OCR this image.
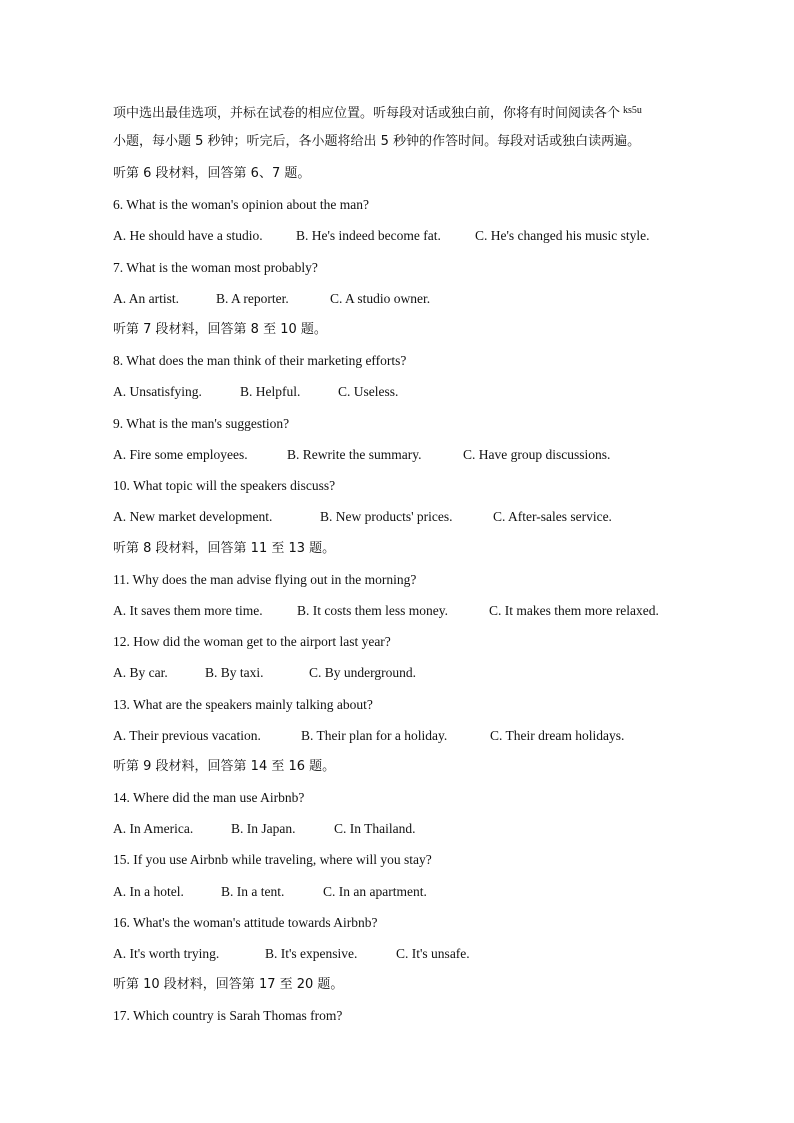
项中选出最佳选项，并标在试卷的相应位置。听每段对话或独白前，你将有时间阅读各个 $^{ks5u}$
小题，每小题 5 秒钟；听完后，各小题将给出 5 秒钟的作答时间。每段对话或独白读两遍。
听第 6 段材料，回答第 6、7 题。
6. What is the woman's opinion about the man?
A. He should have a studio. B. He's indeed become fat.	C. He's changed his music style.
7. What is the woman most probably?
A. An artist.	B. A reporter.	C. A studio owner.
听第 7 段材料，回答第 8 至 10 题。
8. What does the man think of their marketing efforts?
A. Unsatisfying.	B. Helpful.	C. Useless.
9. What is the man's suggestion?
A. Fire some employees.	B. Rewrite the summary.	C. Have group discussions.
10. What topic will the speakers discuss?
A. New market development.	B. New products' prices.	C. After-sales service.
听第 8 段材料，回答第 11 至 13 题。
11. Why does the man advise flying out in the morning?
A. It saves them more time.	B. It costs them less money.	C. It makes them more relaxed.
12. How did the woman get to the airport last year?
A. By car.	B. By taxi.	C. By underground.
13. What are the speakers mainly talking about?
A. Their previous vacation.	B. Their plan for a holiday.	C. Their dream holidays.
听第 9 段材料，回答第 14 至 16 题。
14. Where did the man use Airbnb?
A. In America.	B. In Japan.	C. In Thailand.
15. If you use Airbnb while traveling, where will you stay?
A. In a hotel.	B. In a tent.	C. In an apartment.
16. What's the woman's attitude towards Airbnb?
A. It's worth trying.	B. It's expensive.	C. It's unsafe.
听第 10 段材料，回答第 17 至 20 题。
17. Which country is Sarah Thomas from?
